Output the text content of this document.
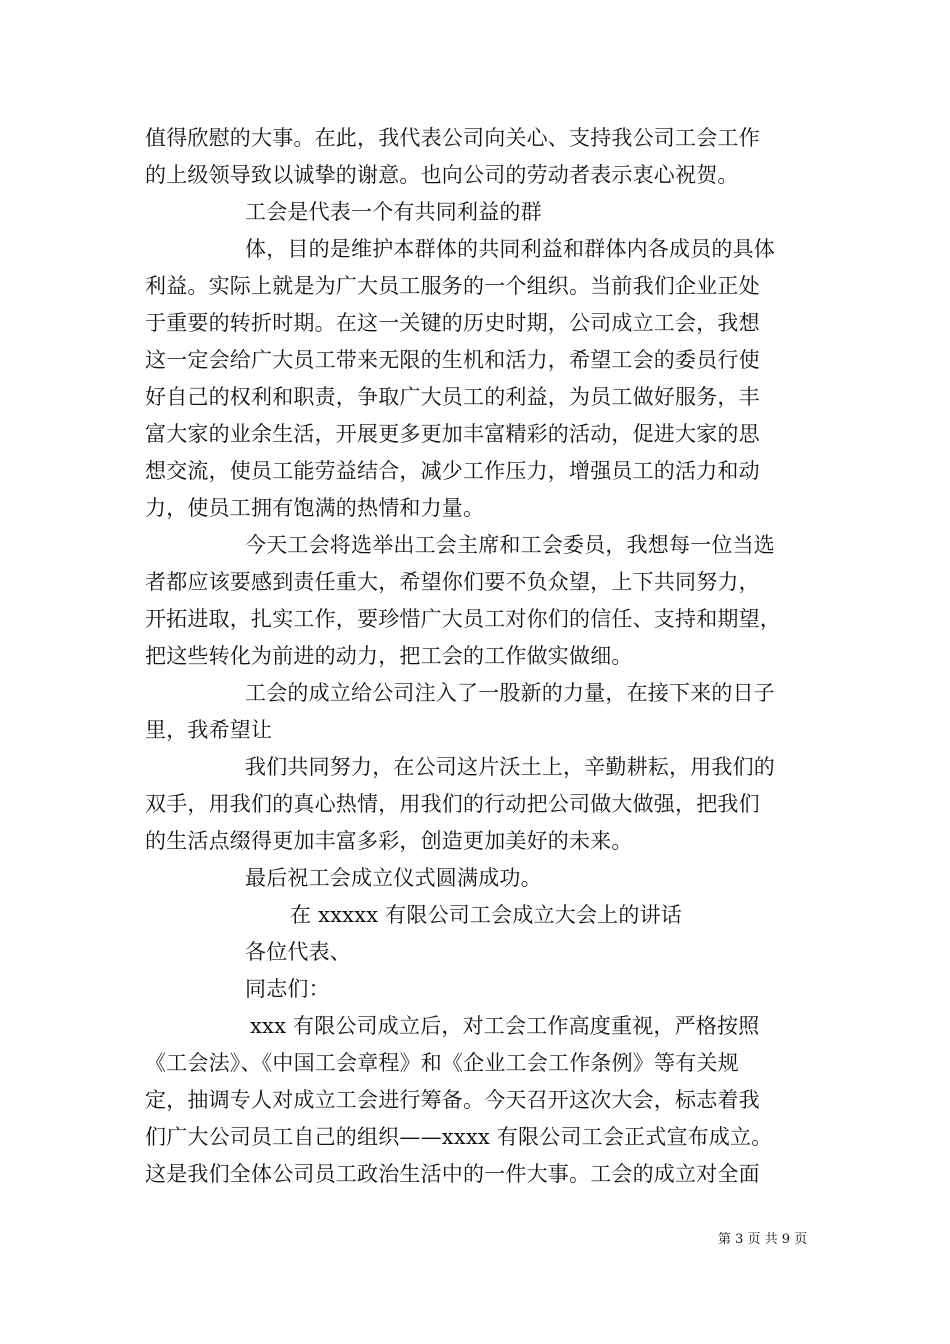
值得欣慰的大事。在此，我代表公司向关心、支持我公司工会工作
的上级领导致以诚挚的谢意。也向公司的劳动者表示衷心祝贺。
工会是代表一个有共同利益的群
体，目的是维护本群体的共同利益和群体内各成员的具体
利益。实际上就是为广大员工服务的一个组织。当前我们企业正处
于重要的转折时期。在这一关键的历史时期，公司成立工会，我想
这一定会给广大员工带来无限的生机和活力，希望工会的委员行使
好自己的权利和职责，争取广大员工的利益，为员工做好服务，丰
富大家的业余生活，开展更多更加丰富精彩的活动，促进大家的思
想交流，使员工能劳益结合，减少工作压力，增强员工的活力和动
力，使员工拥有饱满的热情和力量。
今天工会将选举出工会主席和工会委员，我想每一位当选
者都应该要感到责任重大，希望你们要不负众望，上下共同努力，
开拓进取，扎实工作，要珍惜广大员工对你们的信任、支持和期望，
把这些转化为前进的动力，把工会的工作做实做细。
工会的成立给公司注入了一股新的力量，在接下来的日子
里，我希望让
我们共同努力，在公司这片沃土上，辛勤耕耘，用我们的
双手，用我们的真心热情，用我们的行动把公司做大做强，把我们
的生活点缀得更加丰富多彩，创造更加美好的未来。
最后祝工会成立仪式圆满成功。
在 xxxxx 有限公司工会成立大会上的讲话
各位代表、
同志们：
xxx 有限公司成立后，对工会工作高度重视，严格按照
《工会法》、《中国工会章程》和《企业工会工作条例》等有关规
定，抽调专人对成立工会进行筹备。今天召开这次大会，标志着我
们广大公司员工自己的组织——xxxx 有限公司工会正式宣布成立。
这是我们全体公司员工政治生活中的一件大事。工会的成立对全面
第 3 页 共 9 页
